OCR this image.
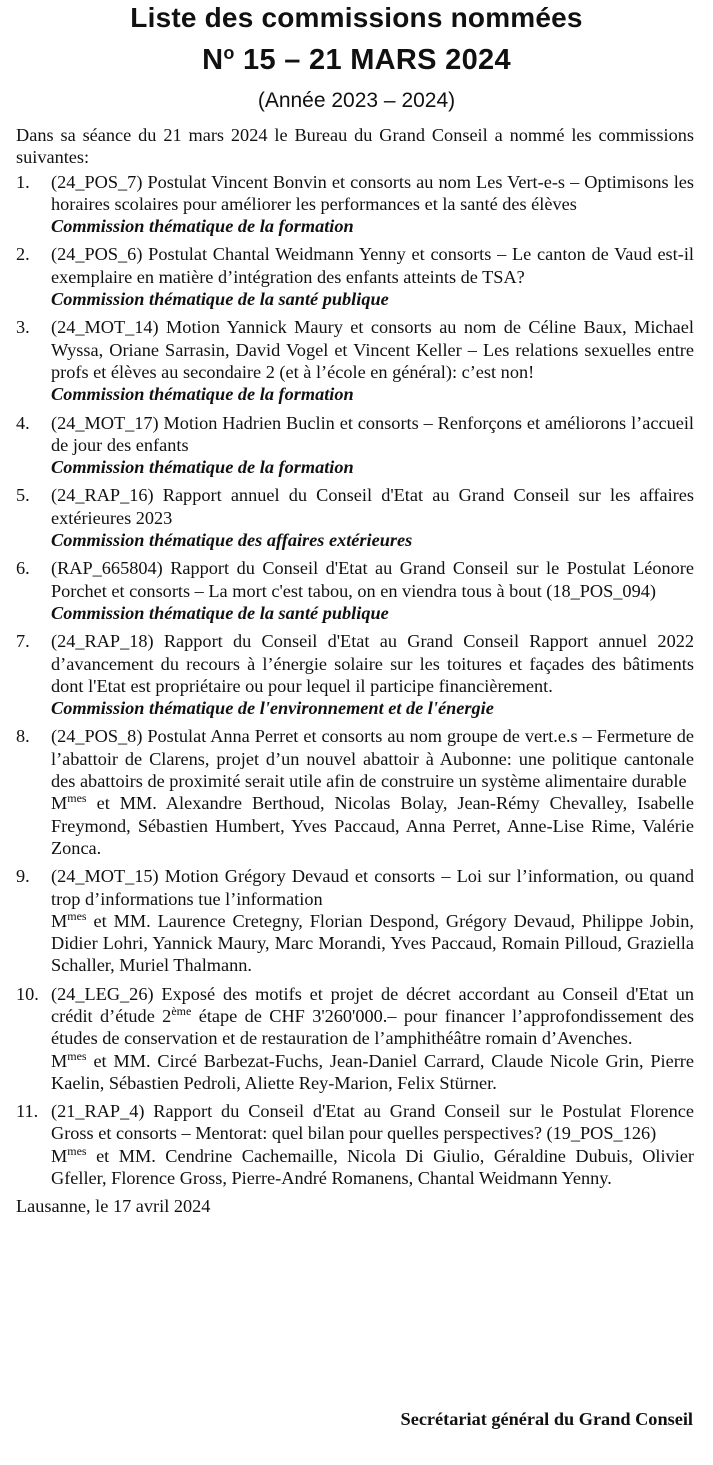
Liste des commissions nommées
$N^o$ 15 – 21 MARS 2024
(Année 2023 – 2024)
Dans sa séance du 21 mars 2024 le Bureau du Grand Conseil a nommé les commissions suivantes:
1.	(24_POS_7) Postulat Vincent Bonvin et consorts au nom Les Vert-e-s – Optimisons les horaires scolaires pour améliorer les performances et la santé des élèves
Commission thématique de la formation
2.	(24_POS_6) Postulat Chantal Weidmann Yenny et consorts – Le canton de Vaud est-il exemplaire en matière d’intégration des enfants atteints de TSA?
Commission thématique de la santé publique
3.	(24_MOT_14) Motion Yannick Maury et consorts au nom de Céline Baux, Michael Wyssa, Oriane Sarrasin, David Vogel et Vincent Keller – Les relations sexuelles entre profs et élèves au secondaire 2 (et à l’école en général): c’est non!
Commission thématique de la formation
4.	(24_MOT_17) Motion Hadrien Buclin et consorts – Renforçons et améliorons l’accueil de jour des enfants
Commission thématique de la formation
5.	(24_RAP_16) Rapport annuel du Conseil d'Etat au Grand Conseil sur les affaires extérieures 2023
Commission thématique des affaires extérieures
6.	(RAP_665804) Rapport du Conseil d'Etat au Grand Conseil sur le Postulat Léonore Porchet et consorts – La mort c'est tabou, on en viendra tous à bout (18_POS_094)
Commission thématique de la santé publique
7.	(24_RAP_18) Rapport du Conseil d'Etat au Grand Conseil Rapport annuel 2022 d’avancement du recours à l’énergie solaire sur les toitures et façades des bâtiments dont l'Etat est propriétaire ou pour lequel il participe financièrement.
Commission thématique de l'environnement et de l'énergie
8.	(24_POS_8) Postulat Anna Perret et consorts au nom groupe de vert.e.s – Fermeture de l’abattoir de Clarens, projet d’un nouvel abattoir à Aubonne: une politique cantonale des abattoirs de proximité serait utile afin de construire un système alimentaire durable
$M^{mes}$ et MM. Alexandre Berthoud, Nicolas Bolay, Jean-Rémy Chevalley, Isabelle Freymond, Sébastien Humbert, Yves Paccaud, Anna Perret, Anne-Lise Rime, Valérie Zonca.
9.	(24_MOT_15) Motion Grégory Devaud et consorts – Loi sur l’information, ou quand trop d’informations tue l’information
$M^{mes}$ et MM. Laurence Cretegny, Florian Despond, Grégory Devaud, Philippe Jobin, Didier Lohri, Yannick Maury, Marc Morandi, Yves Paccaud, Romain Pilloud, Graziella Schaller, Muriel Thalmann.
10. (24_LEG_26) Exposé des motifs et projet de décret accordant au Conseil d'Etat un crédit d’étude 2ème étape de CHF 3'260'000.– pour financer l’approfondissement des études de conservation et de restauration de l’amphithéâtre romain d’Avenches.
$M^{mes}$ et MM. Circé Barbezat-Fuchs, Jean-Daniel Carrard, Claude Nicole Grin, Pierre Kaelin, Sébastien Pedroli, Aliette Rey-Marion, Felix Stürner.
11. (21_RAP_4) Rapport du Conseil d'Etat au Grand Conseil sur le Postulat Florence Gross et consorts – Mentorat: quel bilan pour quelles perspectives? (19_POS_126)
$M^{mes}$ et MM. Cendrine Cachemaille, Nicola Di Giulio, Géraldine Dubuis, Olivier Gfeller, Florence Gross, Pierre-André Romanens, Chantal Weidmann Yenny.
Lausanne, le 17 avril 2024
Secrétariat général du Grand Conseil
